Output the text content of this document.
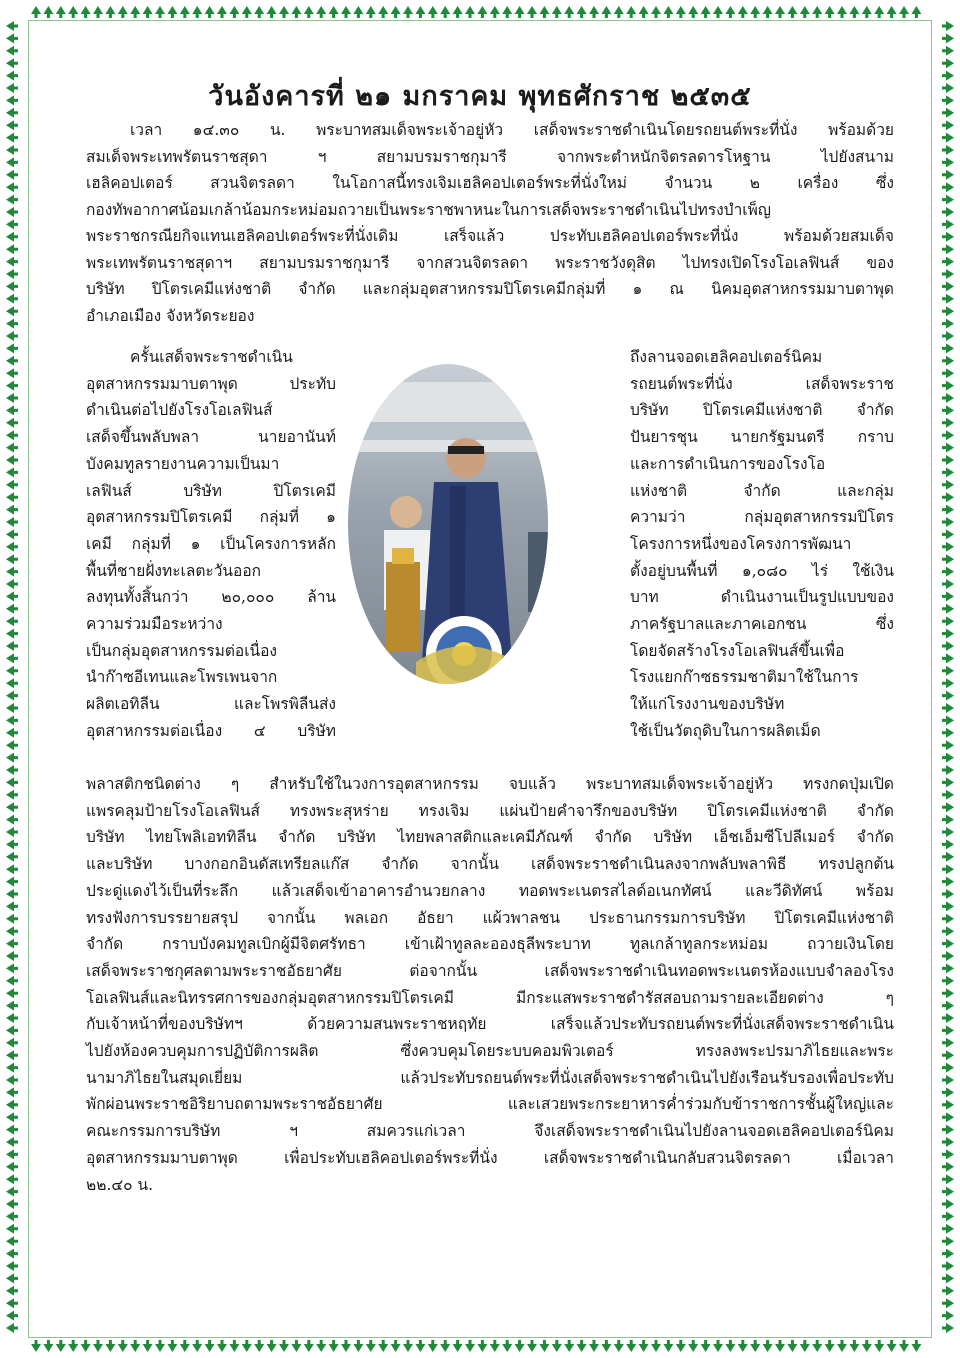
วันอังคารที่ ๒๑ มกราคม พุทธศักราช ๒๕๓๕
เวลา ๑๔.๓๐ น. พระบาทสมเด็จพระเจ้าอยู่หัว เสด็จพระราชดำเนินโดยรถยนต์พระที่นั่ง พร้อมด้วย
สมเด็จพระเทพรัตนราชสุดา ฯ สยามบรมราชกุมารี จากพระตำหนักจิตรลดารโหฐาน ไปยังสนาม
เฮลิคอปเตอร์ สวนจิตรลดา ในโอกาสนี้ทรงเจิมเฮลิคอปเตอร์พระที่นั่งใหม่ จำนวน ๒ เครื่อง ซึ่ง
กองทัพอากาศน้อมเกล้าน้อมกระหม่อมถวายเป็นพระราชพาหนะในการเสด็จพระราชดำเนินไปทรงบำเพ็ญ
พระราชกรณียกิจแทนเฮลิคอปเตอร์พระที่นั่งเดิม เสร็จแล้ว ประทับเฮลิคอปเตอร์พระที่นั่ง พร้อมด้วยสมเด็จ
พระเทพรัตนราชสุดาฯ สยามบรมราชกุมารี จากสวนจิตรลดา พระราชวังดุสิต ไปทรงเปิดโรงโอเลฟินส์ ของ
บริษัท ปิโตรเคมีแห่งชาติ จำกัด และกลุ่มอุตสาหกรรมปิโตรเคมีกลุ่มที่ ๑ ณ นิคมอุตสาหกรรมมาบตาพุด
อำเภอเมือง จังหวัดระยอง
ครั้นเสด็จพระราชดำเนิน
อุตสาหกรรมมาบตาพุด ประทับ
ดำเนินต่อไปยังโรงโอเลฟินส์
เสด็จขึ้นพลับพลา นายอานันท์
บังคมทูลรายงานความเป็นมา
เลฟินส์ บริษัท ปิโตรเคมี
อุตสาหกรรมปิโตรเคมี กลุ่มที่ ๑
เคมี กลุ่มที่ ๑ เป็นโครงการหลัก
พื้นที่ชายฝั่งทะเลตะวันออก
ลงทุนทั้งสิ้นกว่า ๒๐,๐๐๐ ล้าน
ความร่วมมือระหว่าง
เป็นกลุ่มอุตสาหกรรมต่อเนื่อง
นำก๊าซอีเทนและโพรเพนจาก
ผลิตเอทิลีน และโพรพิลีนส่ง
อุตสาหกรรมต่อเนื่อง ๔ บริษัท
ถึงลานจอดเฮลิคอปเตอร์นิคม
รถยนต์พระที่นั่ง เสด็จพระราช
บริษัท ปิโตรเคมีแห่งชาติ จำกัด
ปันยารชุน นายกรัฐมนตรี กราบ
และการดำเนินการของโรงโอ
แห่งชาติ จำกัด และกลุ่ม
ความว่า กลุ่มอุตสาหกรรมปิโตร
โครงการหนึ่งของโครงการพัฒนา
ตั้งอยู่บนพื้นที่ ๑,๐๘๐ ไร่ ใช้เงิน
บาท ดำเนินงานเป็นรูปแบบของ
ภาครัฐบาลและภาคเอกชน ซึ่ง
โดยจัดสร้างโรงโอเลฟินส์ขึ้นเพื่อ
โรงแยกก๊าซธรรมชาติมาใช้ในการ
ให้แก่โรงงานของบริษัท
ใช้เป็นวัตถุดิบในการผลิตเม็ด
พลาสติกชนิดต่าง ๆ สำหรับใช้ในวงการอุตสาหกรรม จบแล้ว พระบาทสมเด็จพระเจ้าอยู่หัว ทรงกดปุ่มเปิด
แพรคลุมป้ายโรงโอเลฟินส์ ทรงพระสุหร่าย ทรงเจิม แผ่นป้ายคำจารึกของบริษัท ปิโตรเคมีแห่งชาติ จำกัด
บริษัท ไทยโพลิเอททิลีน จำกัด บริษัท ไทยพลาสติกและเคมีภัณฑ์ จำกัด บริษัท เอ็ชเอ็มซีโปลีเมอร์ จำกัด
และบริษัท บางกอกอินดัสเทรียลแก๊ส จำกัด จากนั้น เสด็จพระราชดำเนินลงจากพลับพลาพิธี ทรงปลูกต้น
ประดู่แดงไว้เป็นที่ระลึก แล้วเสด็จเข้าอาคารอำนวยกลาง ทอดพระเนตรสไลด์อเนกทัศน์ และวีดิทัศน์ พร้อม
ทรงฟังการบรรยายสรุป จากนั้น พลเอก อัธยา แผ้วพาลชน ประธานกรรมการบริษัท ปิโตรเคมีแห่งชาติ
จำกัด กราบบังคมทูลเบิกผู้มีจิตศรัทธา เข้าเฝ้าทูลละอองธุลีพระบาท ทูลเกล้าทูลกระหม่อม ถวายเงินโดย
เสด็จพระราชกุศลตามพระราชอัธยาศัย ต่อจากนั้น เสด็จพระราชดำเนินทอดพระเนตรห้องแบบจำลองโรง
โอเลฟินส์และนิทรรศการของกลุ่มอุตสาหกรรมปิโตรเคมี มีกระแสพระราชดำรัสสอบถามรายละเอียดต่าง ๆ
กับเจ้าหน้าที่ของบริษัทฯ ด้วยความสนพระราชหฤทัย เสร็จแล้วประทับรถยนต์พระที่นั่งเสด็จพระราชดำเนิน
ไปยังห้องควบคุมการปฏิบัติการผลิต ซึ่งควบคุมโดยระบบคอมพิวเตอร์ ทรงลงพระปรมาภิไธยและพระ
นามาภิไธยในสมุดเยี่ยม แล้วประทับรถยนต์พระที่นั่งเสด็จพระราชดำเนินไปยังเรือนรับรองเพื่อประทับ
พักผ่อนพระราชอิริยาบถตามพระราชอัธยาศัย และเสวยพระกระยาหารค่ำร่วมกับข้าราชการชั้นผู้ใหญ่และ
คณะกรรมการบริษัท ฯ สมควรแก่เวลา จึงเสด็จพระราชดำเนินไปยังลานจอดเฮลิคอปเตอร์นิคม
อุตสาหกรรมมาบตาพุด เพื่อประทับเฮลิคอปเตอร์พระที่นั่ง เสด็จพระราชดำเนินกลับสวนจิตรลดา เมื่อเวลา
๒๒.๔๐ น.
